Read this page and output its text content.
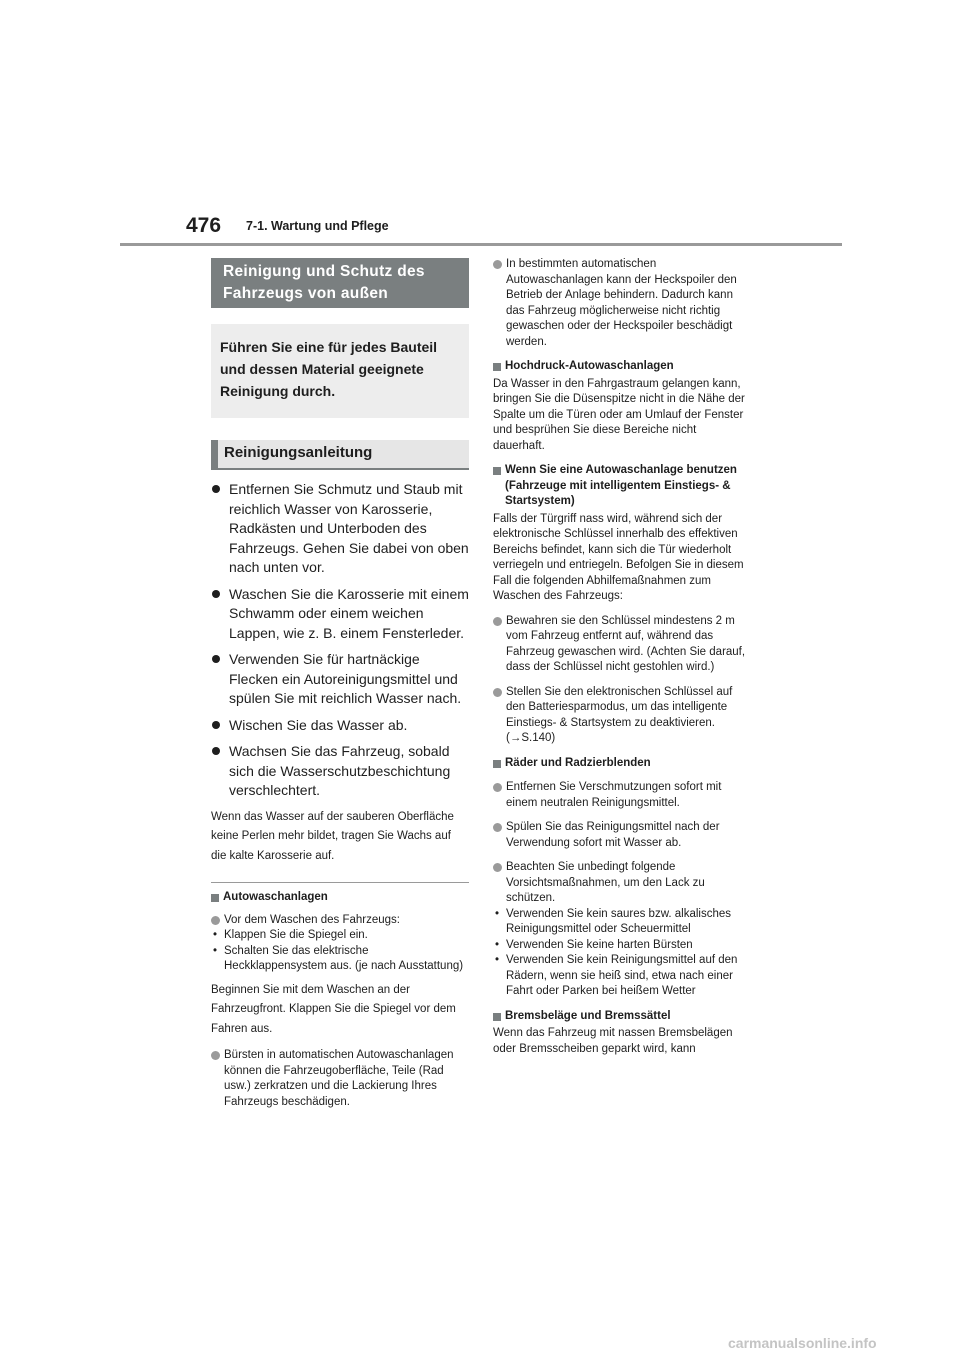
476 7-1. Wartung und Pflege
Reinigung und Schutz des Fahrzeugs von außen
Führen Sie eine für jedes Bauteil und dessen Material geeignete Reinigung durch.
Reinigungsanleitung
Entfernen Sie Schmutz und Staub mit reichlich Wasser von Karosserie, Radkästen und Unterboden des Fahrzeugs. Gehen Sie dabei von oben nach unten vor.
Waschen Sie die Karosserie mit einem Schwamm oder einem weichen Lappen, wie z. B. einem Fensterleder.
Verwenden Sie für hartnäckige Flecken ein Autoreinigungsmittel und spülen Sie mit reichlich Wasser nach.
Wischen Sie das Wasser ab.
Wachsen Sie das Fahrzeug, sobald sich die Wasserschutzbeschichtung verschlechtert.
Wenn das Wasser auf der sauberen Oberfläche keine Perlen mehr bildet, tragen Sie Wachs auf die kalte Karosserie auf.
Autowaschanlagen
Vor dem Waschen des Fahrzeugs:
• Klappen Sie die Spiegel ein.
• Schalten Sie das elektrische Heckklappensystem aus. (je nach Ausstattung)
Beginnen Sie mit dem Waschen an der Fahrzeugfront. Klappen Sie die Spiegel vor dem Fahren aus.
Bürsten in automatischen Autowaschanlagen können die Fahrzeugoberfläche, Teile (Rad usw.) zerkratzen und die Lackierung Ihres Fahrzeugs beschädigen.
In bestimmten automatischen Autowaschanlagen kann der Heckspoiler den Betrieb der Anlage behindern. Dadurch kann das Fahrzeug möglicherweise nicht richtig gewaschen oder der Heckspoiler beschädigt werden.
Hochdruck-Autowaschanlagen
Da Wasser in den Fahrgastraum gelangen kann, bringen Sie die Düsenspitze nicht in die Nähe der Spalte um die Türen oder am Umlauf der Fenster und besprühen Sie diese Bereiche nicht dauerhaft.
Wenn Sie eine Autowaschanlage benutzen (Fahrzeuge mit intelligentem Einstiegs- & Startsystem)
Falls der Türgriff nass wird, während sich der elektronische Schlüssel innerhalb des effektiven Bereichs befindet, kann sich die Tür wiederholt verriegeln und entriegeln. Befolgen Sie in diesem Fall die folgenden Abhilfemaßnahmen zum Waschen des Fahrzeugs:
Bewahren sie den Schlüssel mindestens 2 m vom Fahrzeug entfernt auf, während das Fahrzeug gewaschen wird. (Achten Sie darauf, dass der Schlüssel nicht gestohlen wird.)
Stellen Sie den elektronischen Schlüssel auf den Batteriesparmodus, um das intelligente Einstiegs- & Startsystem zu deaktivieren. (→S.140)
Räder und Radzierblenden
Entfernen Sie Verschmutzungen sofort mit einem neutralen Reinigungsmittel.
Spülen Sie das Reinigungsmittel nach der Verwendung sofort mit Wasser ab.
Beachten Sie unbedingt folgende Vorsichtsmaßnahmen, um den Lack zu schützen.
• Verwenden Sie kein saures bzw. alkalisches Reinigungsmittel oder Scheuermittel
• Verwenden Sie keine harten Bürsten
• Verwenden Sie kein Reinigungsmittel auf den Rädern, wenn sie heiß sind, etwa nach einer Fahrt oder Parken bei heißem Wetter
Bremsbeläge und Bremssättel
Wenn das Fahrzeug mit nassen Bremsbelägen oder Bremsscheiben geparkt wird, kann
carmanualsonline.info
